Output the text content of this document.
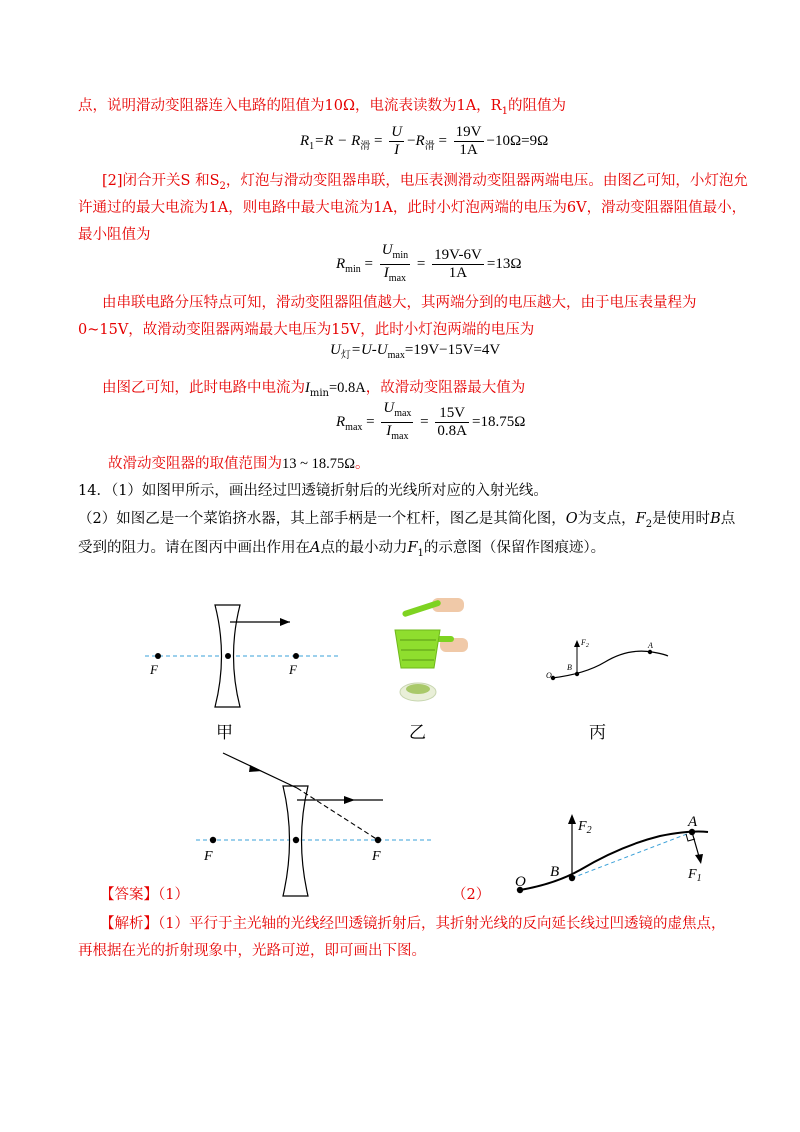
点，说明滑动变阻器连入电路的阻值为10Ω，电流表读数为1A，$R_1$的阻值为
$R_1=R - R_滑 = \frac{U}{I} -R_滑 = \frac{19V}{1A} -10\Omega=9\Omega$
[2]闭合开关S 和$S_2$，灯泡与滑动变阻器串联，电压表测滑动变阻器两端电压。由图乙可知，小灯泡允
许通过的最大电流为1A，则电路中最大电流为1A，此时小灯泡两端的电压为6V，滑动变阻器阻值最小，
最小阻值为
$R_{min} = \frac{U_{min}}{I_{max}} = \frac{19V-6V}{1A} =13\Omega$
由串联电路分压特点可知，滑动变阻器阻值越大，其两端分到的电压越大，由于电压表量程为
0~15V，故滑动变阻器两端最大电压为15V，此时小灯泡两端的电压为
$U_灯=U-U_{max}=19V-15V=4V$
由图乙可知，此时电路中电流为$I_{min}=0.8A$，故滑动变阻器最大值为
$R_{max} = \frac{U_{max}}{I_{max}} = \frac{15V}{0.8A} =18.75\Omega$
故滑动变阻器的取值范围为13 ~ 18.75Ω。
14．（1）如图甲所示，画出经过凹透镜折射后的光线所对应的入射光线。
（2）如图乙是一个菜馅挤水器，其上部手柄是一个杠杆，图乙是其简化图，O为支点，$F_2$是使用时B点
受到的阻力。请在图丙中画出作用在A点的最小动力$F_1$的示意图（保留作图痕迹）。
F	F
甲	乙
O
B
A
$F_2$
丙
F	F
O
B
A
$F_2$
$F_1$
【答案】（1）	（2）
【解析】（1）平行于主光轴的光线经凹透镜折射后，其折射光线的反向延长线过凹透镜的虚焦点，
再根据在光的折射现象中，光路可逆，即可画出下图。
